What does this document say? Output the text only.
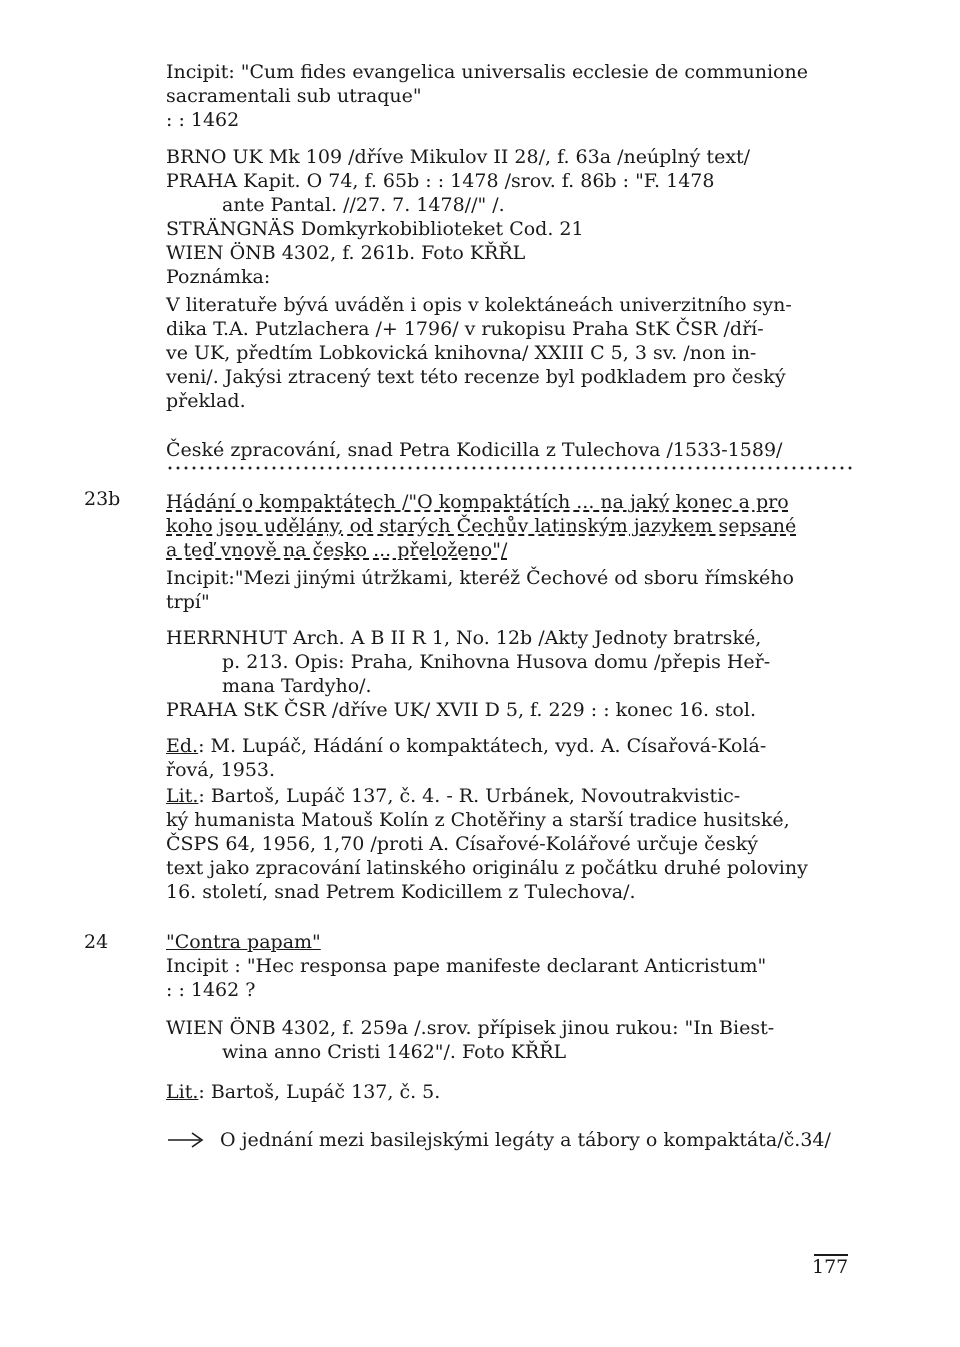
Incipit: "Cum fides evangelica universalis ecclesie de communione
sacramentali sub utraque"
: : 1462
BRNO UK Mk 109 /dříve Mikulov II 28/, f. 63a /neúplný text/
PRAHA Kapit. O 74, f. 65b : : 1478 /srov. f. 86b : "F. 1478
ante Pantal. //27. 7. 1478//" /.
STRÄNGNÄS Domkyrkobiblioteket Cod. 21
WIEN ÖNB 4302, f. 261b. Foto KŘŘL
Poznámka:
V literatuře bývá uváděn i opis v kolektáneách univerzitního syn-
dika T.A. Putzlachera /+ 1796/ v rukopisu Praha StK ČSR /dří-
ve UK, předtím Lobkovická knihovna/ XXIII C 5, 3 sv. /non in-
veni/. Jakýsi ztracený text této recenze byl podkladem pro český
překlad.
České zpracování, snad Petra Kodicilla z Tulechova /1533-1589/
23b Hádání o kompaktátech /"O kompaktátích ... na jaký konec a pro
koho jsou udělány, od starých Čechův latinským jazykem sepsané
a teď vnově na česko ... přeloženo"/
Incipit:"Mezi jinými útržkami, kteréž Čechové od sboru římského
trpí"
HERRNHUT Arch. A B II R 1, No. 12b /Akty Jednoty bratrské,
p. 213. Opis: Praha, Knihovna Husova domu /přepis Heř-
mana Tardyho/.
PRAHA StK ČSR /dříve UK/ XVII D 5, f. 229 : : konec 16. stol.
Ed.: M. Lupáč, Hádání o kompaktátech, vyd. A. Císařová-Kolá-
řová, 1953.
Lit.: Bartoš, Lupáč 137, č. 4. - R. Urbánek, Novoutrakvistic-
ký humanista Matouš Kolín z Chotěřiny a starší tradice husitské,
ČSPS 64, 1956, 1,70 /proti A. Císařové-Kolářové určuje český
text jako zpracování latinského originálu z počátku druhé poloviny
16. století, snad Petrem Kodicillem z Tulechova/.
24	"Contra papam"
Incipit : "Hec responsa pape manifeste declarant Anticristum"
: : 1462 ?
WIEN ÖNB 4302, f. 259a /.srov. přípisek jinou rukou: "In Biest-
wina anno Cristi 1462"/. Foto KŘŘL
Lit.: Bartoš, Lupáč 137, č. 5.
O jednání mezi basilejskými legáty a tábory o kompaktáta/č.34/
177
